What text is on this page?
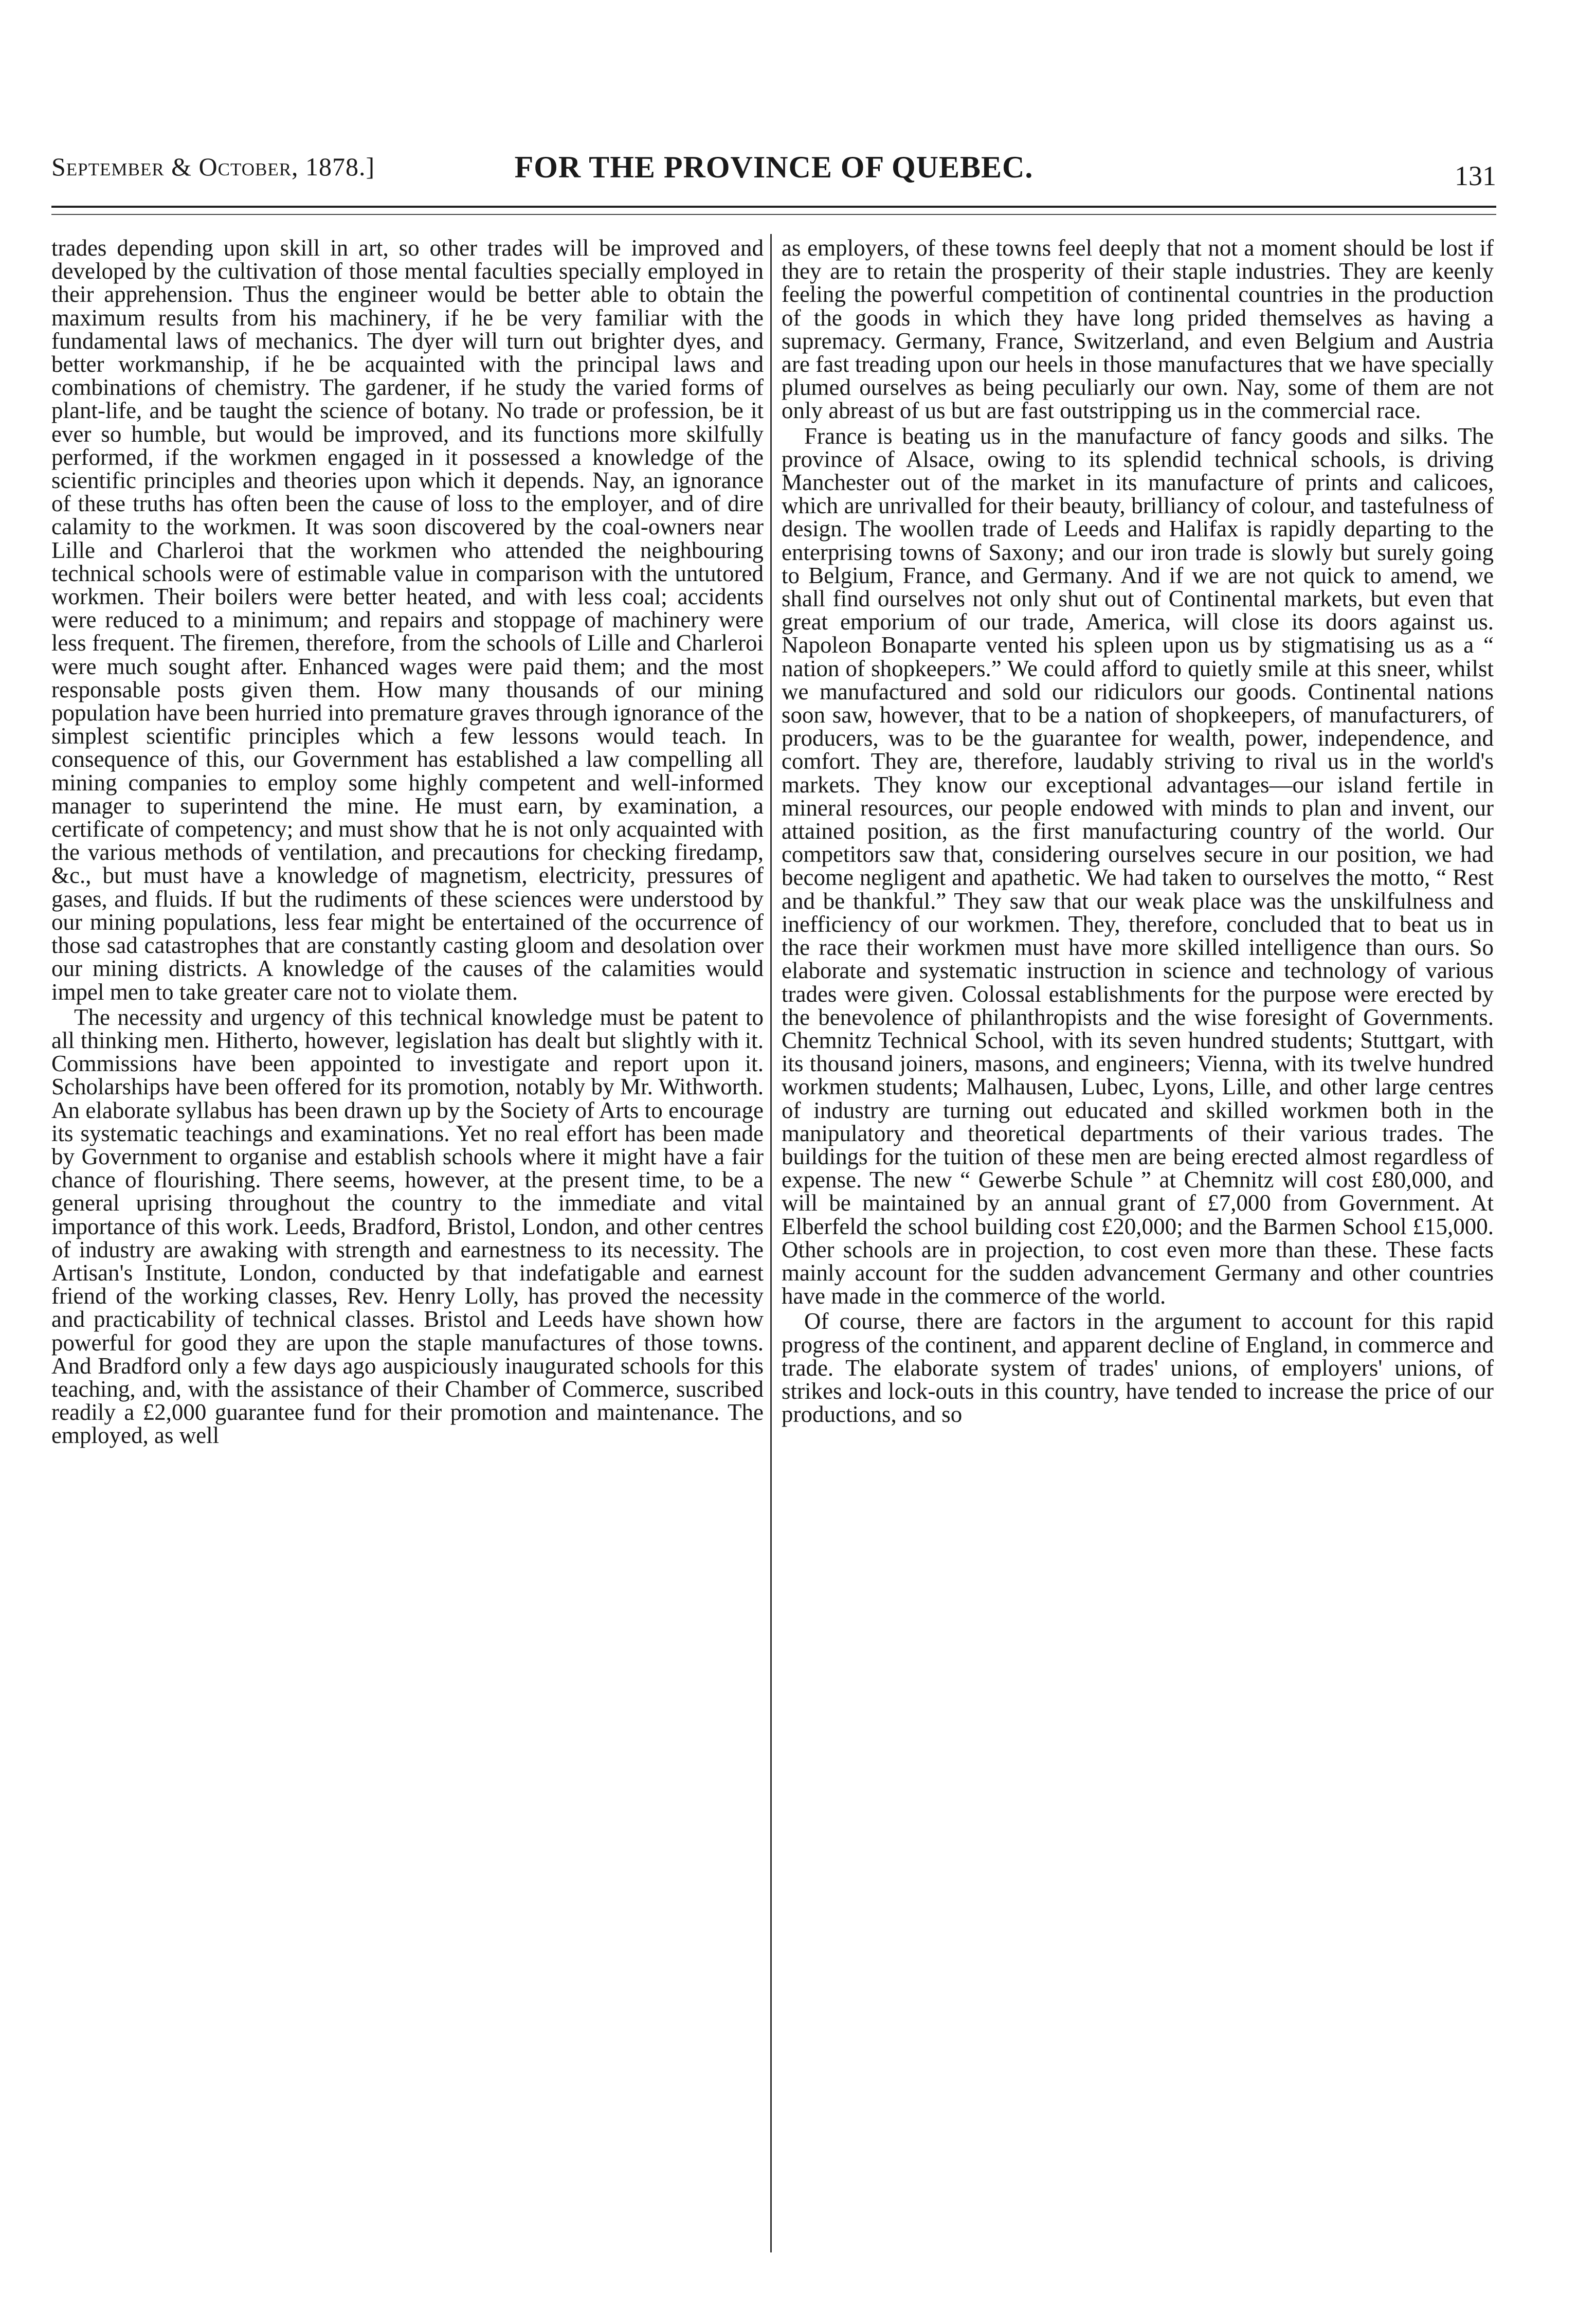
September & October, 1878.]	FOR THE PROVINCE OF QUEBEC.	131

trades depending upon skill in art, so other trades will be improved and developed by the cultivation of those mental faculties specially employed in their apprehension. Thus the engineer would be better able to obtain the maximum results from his machinery, if he be very familiar with the fundamental laws of mechanics. The dyer will turn out brighter dyes, and better workmanship, if he be acquainted with the principal laws and combinations of chemistry. The gardener, if he study the varied forms of plant-life, and be taught the science of botany. No trade or profession, be it ever so humble, but would be improved, and its functions more skilfully performed, if the workmen engaged in it possessed a knowledge of the scientific principles and theories upon which it depends. Nay, an ignorance of these truths has often been the cause of loss to the employer, and of dire calamity to the workmen. It was soon discovered by the coal-owners near Lille and Charleroi that the workmen who attended the neighbouring technical schools were of estimable value in comparison with the untutored workmen. Their boilers were better heated, and with less coal; accidents were reduced to a minimum; and repairs and stoppage of machinery were less frequent. The firemen, therefore, from the schools of Lille and Charleroi were much sought after. Enhanced wages were paid them; and the most responsable posts given them. How many thousands of our mining population have been hurried into premature graves through ignorance of the simplest scientific principles which a few lessons would teach. In consequence of this, our Government has established a law compelling all mining companies to employ some highly competent and well-informed manager to superintend the mine. He must earn, by examination, a certificate of competency; and must show that he is not only acquainted with the various methods of ventilation, and precautions for checking firedamp, &c., but must have a knowledge of magnetism, electricity, pressures of gases, and fluids. If but the rudiments of these sciences were understood by our mining populations, less fear might be entertained of the occurrence of those sad catastrophes that are constantly casting gloom and desolation over our mining districts. A knowledge of the causes of the calamities would impel men to take greater care not to violate them.

The necessity and urgency of this technical knowledge must be patent to all thinking men. Hitherto, however, legislation has dealt but slightly with it. Commissions have been appointed to investigate and report upon it. Scholarships have been offered for its promotion, notably by Mr. Withworth. An elaborate syllabus has been drawn up by the Society of Arts to encourage its systematic teachings and examinations. Yet no real effort has been made by Government to organise and establish schools where it might have a fair chance of flourishing. There seems, however, at the present time, to be a general uprising throughout the country to the immediate and vital importance of this work. Leeds, Bradford, Bristol, London, and other centres of industry are awaking with strength and earnestness to its necessity. The Artisan's Institute, London, conducted by that indefatigable and earnest friend of the working classes, Rev. Henry Lolly, has proved the necessity and practicability of technical classes. Bristol and Leeds have shown how powerful for good they are upon the staple manufactures of those towns. And Bradford only a few days ago auspiciously inaugurated schools for this teaching, and, with the assistance of their Chamber of Commerce, suscribed readily a £2,000 guarantee fund for their promotion and maintenance. The employed, as well

as employers, of these towns feel deeply that not a moment should be lost if they are to retain the prosperity of their staple industries. They are keenly feeling the powerful competition of continental countries in the production of the goods in which they have long prided themselves as having a supremacy. Germany, France, Switzerland, and even Belgium and Austria are fast treading upon our heels in those manufactures that we have specially plumed ourselves as being peculiarly our own. Nay, some of them are not only abreast of us but are fast outstripping us in the commercial race.

France is beating us in the manufacture of fancy goods and silks. The province of Alsace, owing to its splendid technical schools, is driving Manchester out of the market in its manufacture of prints and calicoes, which are unrivalled for their beauty, brilliancy of colour, and tastefulness of design. The woollen trade of Leeds and Halifax is rapidly departing to the enterprising towns of Saxony; and our iron trade is slowly but surely going to Belgium, France, and Germany. And if we are not quick to amend, we shall find ourselves not only shut out of Continental markets, but even that great emporium of our trade, America, will close its doors against us. Napoleon Bonaparte vented his spleen upon us by stigmatising us as a “ nation of shopkeepers.” We could afford to quietly smile at this sneer, whilst we manufactured and sold our ridiculors our goods. Continental nations soon saw, however, that to be a nation of shopkeepers, of manufacturers, of producers, was to be the guarantee for wealth, power, independence, and comfort. They are, therefore, laudably striving to rival us in the world's markets. They know our exceptional advantages—our island fertile in mineral resources, our people endowed with minds to plan and invent, our attained position, as the first manufacturing country of the world. Our competitors saw that, considering ourselves secure in our position, we had become negligent and apathetic. We had taken to ourselves the motto, “ Rest and be thankful.” They saw that our weak place was the unskilfulness and inefficiency of our workmen. They, therefore, concluded that to beat us in the race their workmen must have more skilled intelligence than ours. So elaborate and systematic instruction in science and technology of various trades were given. Colossal establishments for the purpose were erected by the benevolence of philanthropists and the wise foresight of Governments. Chemnitz Technical School, with its seven hundred students; Stuttgart, with its thousand joiners, masons, and engineers; Vienna, with its twelve hundred workmen students; Malhausen, Lubec, Lyons, Lille, and other large centres of industry are turning out educated and skilled workmen both in the manipulatory and theoretical departments of their various trades. The buildings for the tuition of these men are being erected almost regardless of expense. The new “ Gewerbe Schule ” at Chemnitz will cost £80,000, and will be maintained by an annual grant of £7,000 from Government. At Elberfeld the school building cost £20,000; and the Barmen School £15,000. Other schools are in projection, to cost even more than these. These facts mainly account for the sudden advancement Germany and other countries have made in the commerce of the world.

Of course, there are factors in the argument to account for this rapid progress of the continent, and apparent decline of England, in commerce and trade. The elaborate system of trades' unions, of employers' unions, of strikes and lock-outs in this country, have tended to increase the price of our productions, and so
